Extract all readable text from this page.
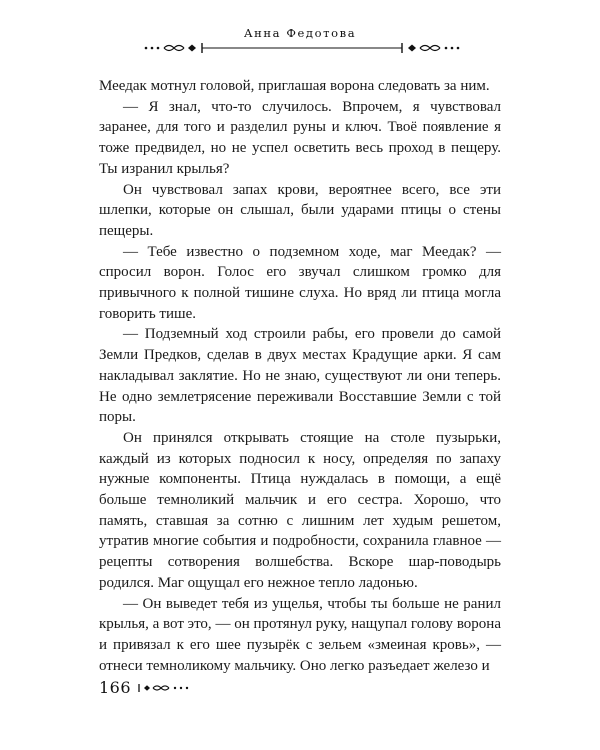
Анна Федотова

Меедак мотнул головой, приглашая ворона следовать за ним.

— Я знал, что-то случилось. Впрочем, я чувствовал заранее, для того и разделил руны и ключ. Твоё появление я тоже предвидел, но не успел осветить весь проход в пещеру. Ты изранил крылья?

Он чувствовал запах крови, вероятнее всего, все эти шлепки, которые он слышал, были ударами птицы о стены пещеры.

— Тебе известно о подземном ходе, маг Меедак? — спросил ворон. Голос его звучал слишком громко для привычного к полной тишине слуха. Но вряд ли птица могла говорить тише.

— Подземный ход строили рабы, его провели до самой Земли Предков, сделав в двух местах Крадущие арки. Я сам накладывал заклятие. Но не знаю, существуют ли они теперь. Не одно землетрясение переживали Восставшие Земли с той поры.

Он принялся открывать стоящие на столе пузырьки, каждый из которых подносил к носу, определяя по запаху нужные компоненты. Птица нуждалась в помощи, а ещё больше темноликий мальчик и его сестра. Хорошо, что память, ставшая за сотню с лишним лет худым решетом, утратив многие события и подробности, сохранила главное — рецепты сотворения волшебства. Вскоре шар-поводырь родился. Маг ощущал его нежное тепло ладонью.

— Он выведет тебя из ущелья, чтобы ты больше не ранил крылья, а вот это, — он протянул руку, нащупал голову ворона и привязал к его шее пузырёк с зельем «змеиная кровь», — отнеси темноликому мальчику. Оно легко разъедает железо и

166
